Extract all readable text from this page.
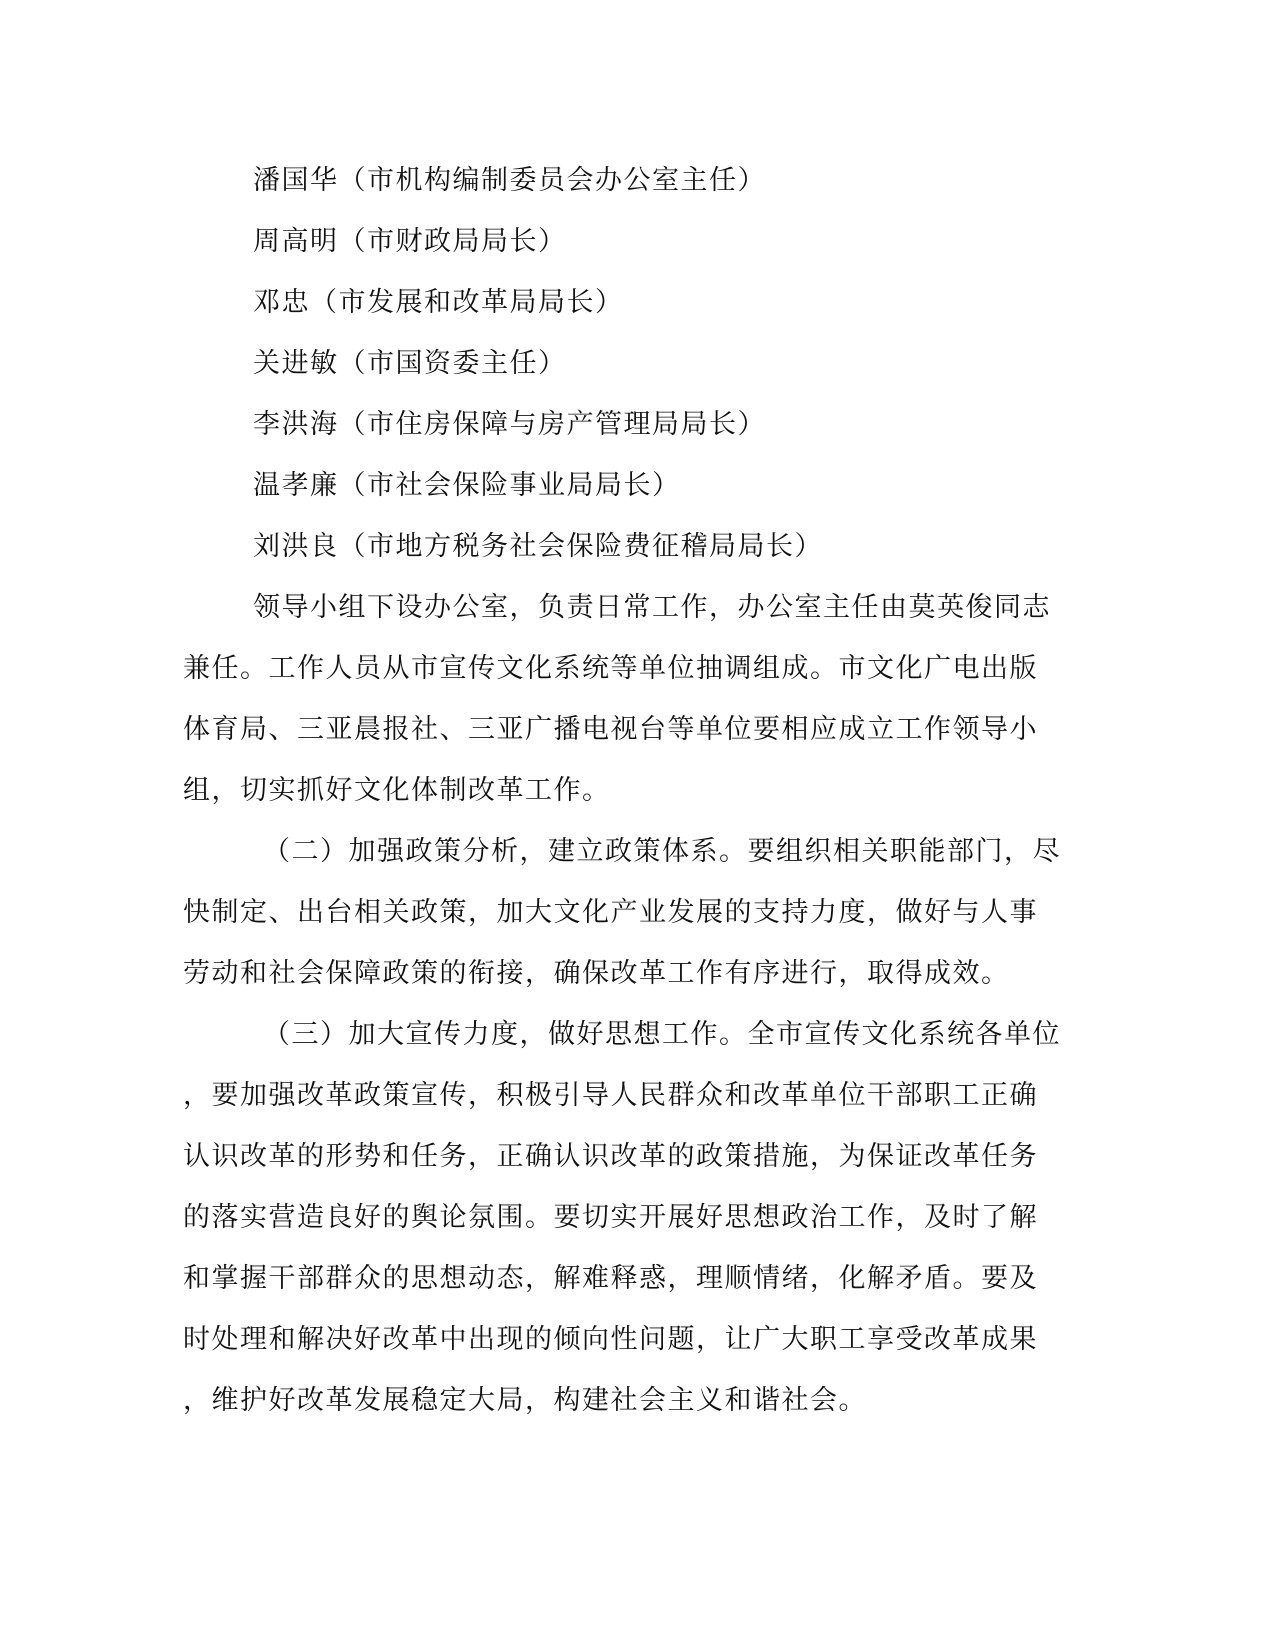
潘国华（市机构编制委员会办公室主任）
周高明（市财政局局长）
邓忠（市发展和改革局局长）
关进敏（市国资委主任）
李洪海（市住房保障与房产管理局局长）
温孝廉（市社会保险事业局局长）
刘洪良（市地方税务社会保险费征稽局局长）
领导小组下设办公室，负责日常工作，办公室主任由莫英俊同志
兼任。工作人员从市宣传文化系统等单位抽调组成。市文化广电出版
体育局、三亚晨报社、三亚广播电视台等单位要相应成立工作领导小
组，切实抓好文化体制改革工作。
（二）加强政策分析，建立政策体系。要组织相关职能部门，尽
快制定、出台相关政策，加大文化产业发展的支持力度，做好与人事
劳动和社会保障政策的衔接，确保改革工作有序进行，取得成效。
（三）加大宣传力度，做好思想工作。全市宣传文化系统各单位
，要加强改革政策宣传，积极引导人民群众和改革单位干部职工正确
认识改革的形势和任务，正确认识改革的政策措施，为保证改革任务
的落实营造良好的舆论氛围。要切实开展好思想政治工作，及时了解
和掌握干部群众的思想动态，解难释惑，理顺情绪，化解矛盾。要及
时处理和解决好改革中出现的倾向性问题，让广大职工享受改革成果
，维护好改革发展稳定大局，构建社会主义和谐社会。
